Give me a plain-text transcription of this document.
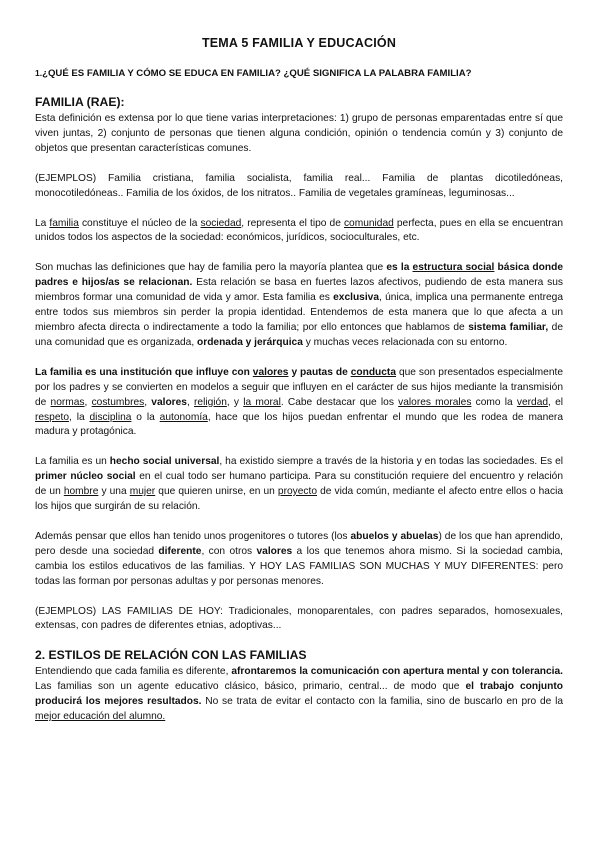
TEMA 5 FAMILIA Y EDUCACIÓN
1.¿QUÉ ES FAMILIA Y CÓMO SE EDUCA EN FAMILIA? ¿QUÉ SIGNIFICA LA PALABRA FAMILIA?
FAMILIA (RAE):

Esta definición es extensa por lo que tiene varias interpretaciones: 1) grupo de personas emparentadas entre sí que viven juntas, 2) conjunto de personas que tienen alguna condición, opinión o tendencia común y 3) conjunto de objetos que presentan características comunes.

(EJEMPLOS) Familia cristiana, familia socialista, familia real... Familia de plantas dicotiledóneas, monocotiledóneas.. Familia de los óxidos, de los nitratos.. Familia de vegetales gramíneas, leguminosas...

La familia constituye el núcleo de la sociedad, representa el tipo de comunidad perfecta, pues en ella se encuentran unidos todos los aspectos de la sociedad: económicos, jurídicos, socioculturales, etc.

Son muchas las definiciones que hay de familia pero la mayoría plantea que es la estructura social básica donde padres e hijos/as se relacionan. Esta relación se basa en fuertes lazos afectivos, pudiendo de esta manera sus miembros formar una comunidad de vida y amor. Esta familia es exclusiva, única, implica una permanente entrega entre todos sus miembros sin perder la propia identidad. Entendemos de esta manera que lo que afecta a un miembro afecta directa o indirectamente a todo la familia; por ello entonces que hablamos de sistema familiar, de una comunidad que es organizada, ordenada y jerárquica y muchas veces relacionada con su entorno.

La familia es una institución que influye con valores y pautas de conducta que son presentados especialmente por los padres y se convierten en modelos a seguir que influyen en el carácter de sus hijos mediante la transmisión de normas, costumbres, valores, religión, y la moral. Cabe destacar que los valores morales como la verdad, el respeto, la disciplina o la autonomía, hace que los hijos puedan enfrentar el mundo que les rodea de manera madura y protagónica.

La familia es un hecho social universal, ha existido siempre a través de la historia y en todas las sociedades. Es el primer núcleo social en el cual todo ser humano participa. Para su constitución requiere del encuentro y relación de un hombre y una mujer que quieren unirse, en un proyecto de vida común, mediante el afecto entre ellos o hacia los hijos que surgirán de su relación.

Además pensar que ellos han tenido unos progenitores o tutores (los abuelos y abuelas) de los que han aprendido, pero desde una sociedad diferente, con otros valores a los que tenemos ahora mismo. Si la sociedad cambia, cambia los estilos educativos de las familias. Y HOY LAS FAMILIAS SON MUCHAS Y MUY DIFERENTES: pero todas las forman por personas adultas y por personas menores.

(EJEMPLOS) LAS FAMILIAS DE HOY: Tradicionales, monoparentales, con padres separados, homosexuales, extensas, con padres de diferentes etnias, adoptivas...

2. ESTILOS DE RELACIÓN CON LAS FAMILIAS

Entendiendo que cada familia es diferente, afrontaremos la comunicación con apertura mental y con tolerancia. Las familias son un agente educativo clásico, básico, primario, central... de modo que el trabajo conjunto producirá los mejores resultados. No se trata de evitar el contacto con la familia, sino de buscarlo en pro de la mejor educación del alumno.
